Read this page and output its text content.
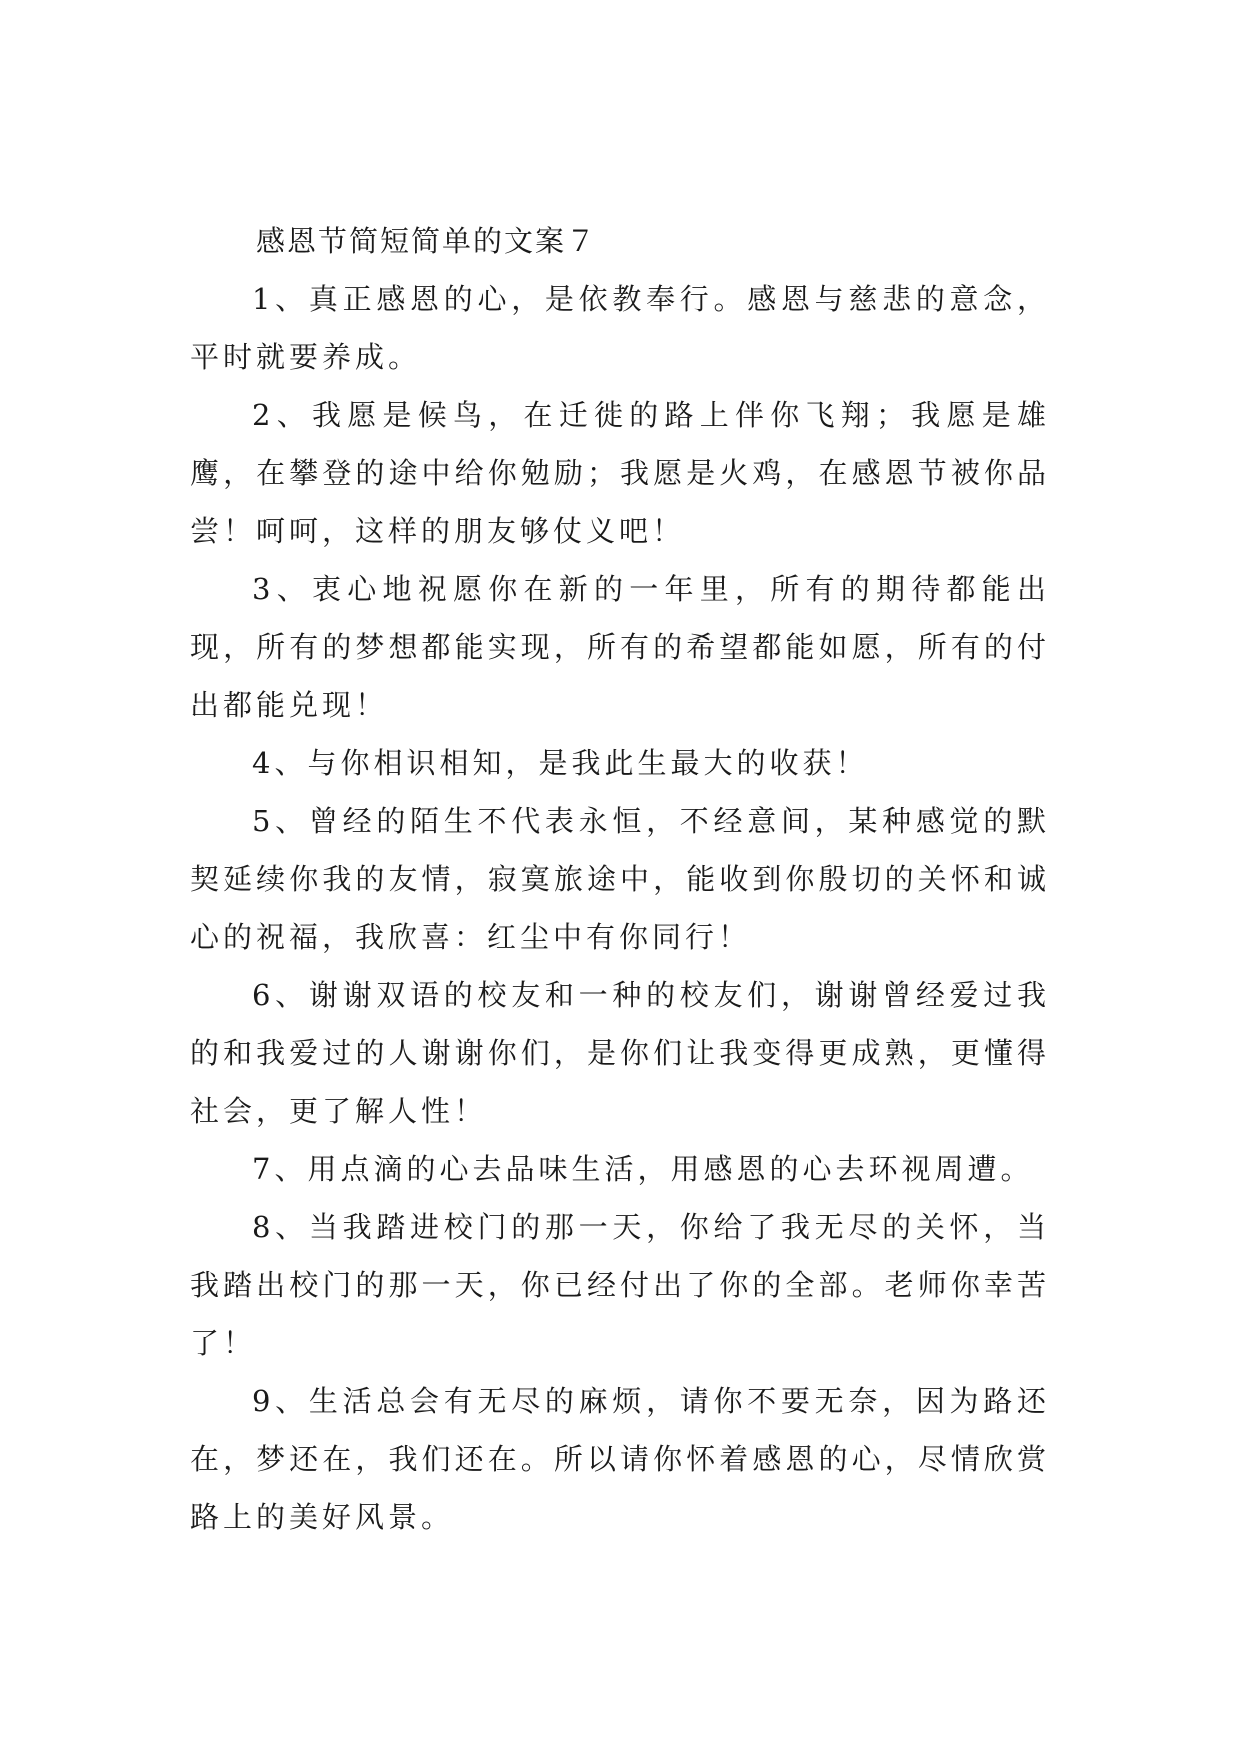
感恩节简短简单的文案７

1、真正感恩的心，是依教奉行。感恩与慈悲的意念，平时就要养成。

2、我愿是候鸟，在迁徙的路上伴你飞翔；我愿是雄鹰，在攀登的途中给你勉励；我愿是火鸡，在感恩节被你品尝！呵呵，这样的朋友够仗义吧！

3、衷心地祝愿你在新的一年里，所有的期待都能出现，所有的梦想都能实现，所有的希望都能如愿，所有的付出都能兑现！

4、与你相识相知，是我此生最大的收获！

5、曾经的陌生不代表永恒，不经意间，某种感觉的默契延续你我的友情，寂寞旅途中，能收到你殷切的关怀和诚心的祝福，我欣喜：红尘中有你同行！

6、谢谢双语的校友和一种的校友们，谢谢曾经爱过我的和我爱过的人谢谢你们，是你们让我变得更成熟，更懂得社会，更了解人性！

7、用点滴的心去品味生活，用感恩的心去环视周遭。

8、当我踏进校门的那一天，你给了我无尽的关怀，当我踏出校门的那一天，你已经付出了你的全部。老师你幸苦了！

9、生活总会有无尽的麻烦，请你不要无奈，因为路还在，梦还在，我们还在。所以请你怀着感恩的心，尽情欣赏路上的美好风景。
